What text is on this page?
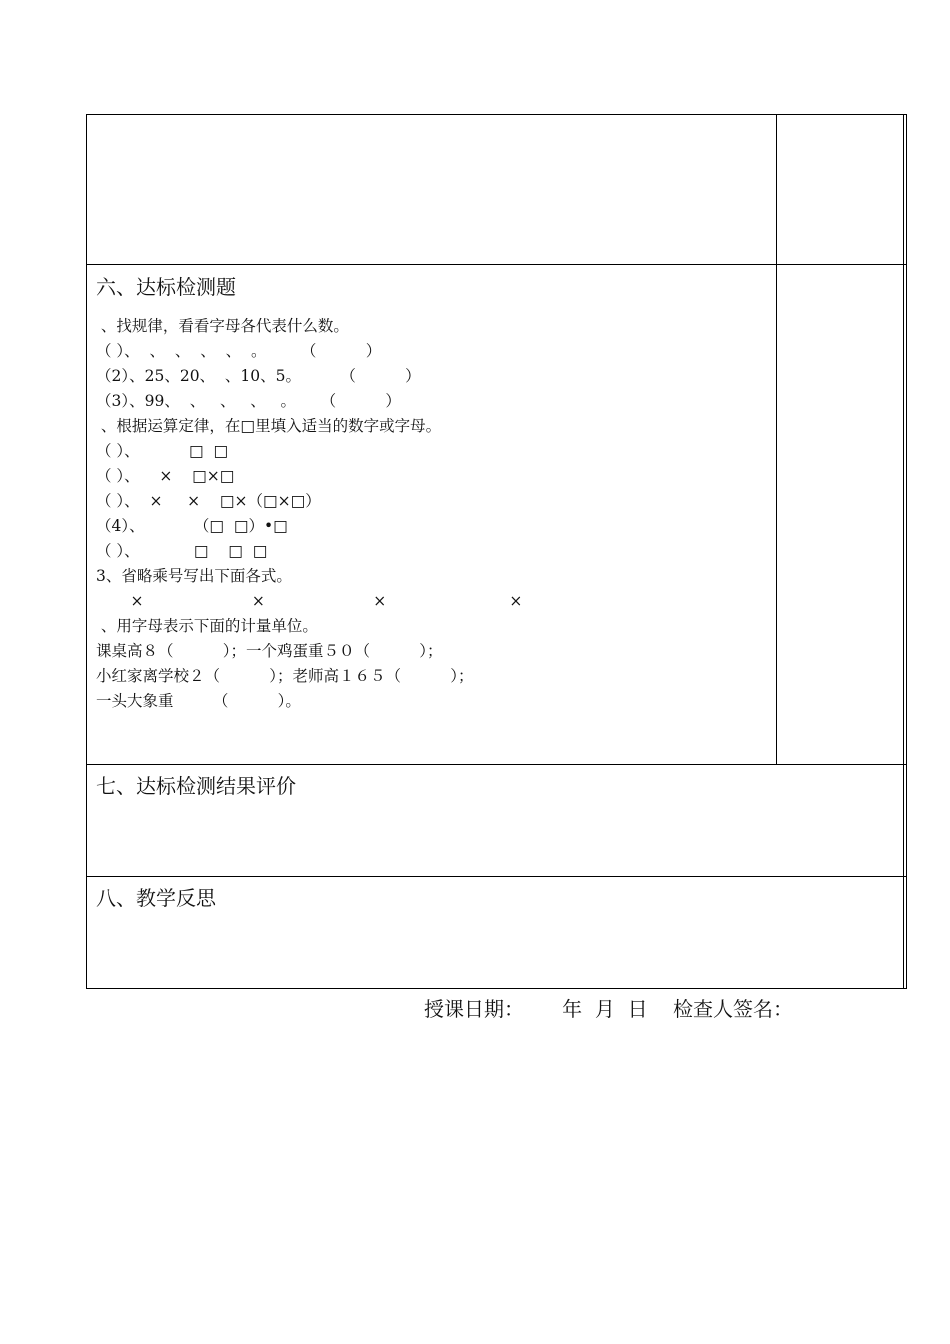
六、达标检测题
七、达标检测结果评价
八、教学反思
、找规律，看看字母各代表什么数。
（ ）、  、  、  、  、  。       （          ）
（2）、25、20、  、10、5。        （          ）
（3）、99、  、   、   、   。     （          ）
、根据运算定律，在□里填入适当的数字或字母。
（ ）、          □  □
（ ）、    ×    □×□
（ ）、  ×     ×    □×（□×□）
（4）、          （□  □）•□
（ ）、           □    □  □
3、省略乘号写出下面各式。
×                      ×                      ×                         ×
、用字母表示下面的计量单位。
课桌高８（          ）；一个鸡蛋重５０（          ）；
小红家离学校２（          ）；老师高１６５（          ）；
一头大象重        （          ）。
授课日期：      年  月  日    检查人签名：
